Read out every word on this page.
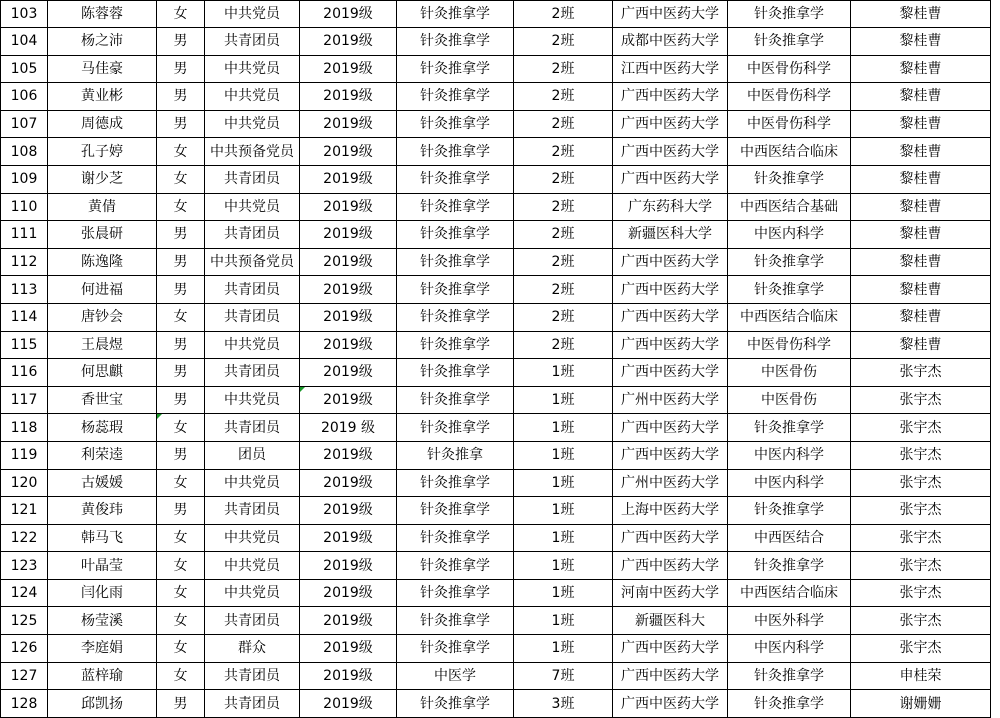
103	陈蓉蓉	女	中共党员	2019级	针灸推拿学	2班	广西中医药大学	针灸推拿学	黎桂曹
104	杨之沛	男	共青团员	2019级	针灸推拿学	2班	成都中医药大学	针灸推拿学	黎桂曹
105	马佳豪	男	中共党员	2019级	针灸推拿学	2班	江西中医药大学	中医骨伤科学	黎桂曹
106	黄业彬	男	中共党员	2019级	针灸推拿学	2班	广西中医药大学	中医骨伤科学	黎桂曹
107	周德成	男	中共党员	2019级	针灸推拿学	2班	广西中医药大学	中医骨伤科学	黎桂曹
108	孔子婷	女	中共预备党员	2019级	针灸推拿学	2班	广西中医药大学	中西医结合临床	黎桂曹
109	谢少芝	女	共青团员	2019级	针灸推拿学	2班	广西中医药大学	针灸推拿学	黎桂曹
110	黄倩	女	中共党员	2019级	针灸推拿学	2班	广东药科大学	中西医结合基础	黎桂曹
111	张晨研	男	共青团员	2019级	针灸推拿学	2班	新疆医科大学	中医内科学	黎桂曹
112	陈逸隆	男	中共预备党员	2019级	针灸推拿学	2班	广西中医药大学	针灸推拿学	黎桂曹
113	何进福	男	共青团员	2019级	针灸推拿学	2班	广西中医药大学	针灸推拿学	黎桂曹
114	唐钞会	女	共青团员	2019级	针灸推拿学	2班	广西中医药大学	中西医结合临床	黎桂曹
115	王晨煜	男	中共党员	2019级	针灸推拿学	2班	广西中医药大学	中医骨伤科学	黎桂曹
116	何思麒	男	共青团员	2019级	针灸推拿学	1班	广西中医药大学	中医骨伤	张宇杰
117	香世宝	男	中共党员	2019级	针灸推拿学	1班	广州中医药大学	中医骨伤	张宇杰
118	杨蕊瑕	女	共青团员	2019 级	针灸推拿学	1班	广西中医药大学	针灸推拿学	张宇杰
119	利荣逵	男	团员	2019级	针灸推拿	1班	广西中医药大学	中医内科学	张宇杰
120	古媛媛	女	中共党员	2019级	针灸推拿学	1班	广州中医药大学	中医内科学	张宇杰
121	黄俊玮	男	共青团员	2019级	针灸推拿学	1班	上海中医药大学	针灸推拿学	张宇杰
122	韩马飞	女	中共党员	2019级	针灸推拿学	1班	广西中医药大学	中西医结合	张宇杰
123	叶晶莹	女	中共党员	2019级	针灸推拿学	1班	广西中医药大学	针灸推拿学	张宇杰
124	闫化雨	女	中共党员	2019级	针灸推拿学	1班	河南中医药大学	中西医结合临床	张宇杰
125	杨莹溪	女	共青团员	2019级	针灸推拿学	1班	新疆医科大	中医外科学	张宇杰
126	李庭娟	女	群众	2019级	针灸推拿学	1班	广西中医药大学	中医内科学	张宇杰
127	蓝梓瑜	女	共青团员	2019级	中医学	7班	广西中医药大学	针灸推拿学	申桂荣
128	邱凯扬	男	共青团员	2019级	针灸推拿学	3班	广西中医药大学	针灸推拿学	谢姗姗
